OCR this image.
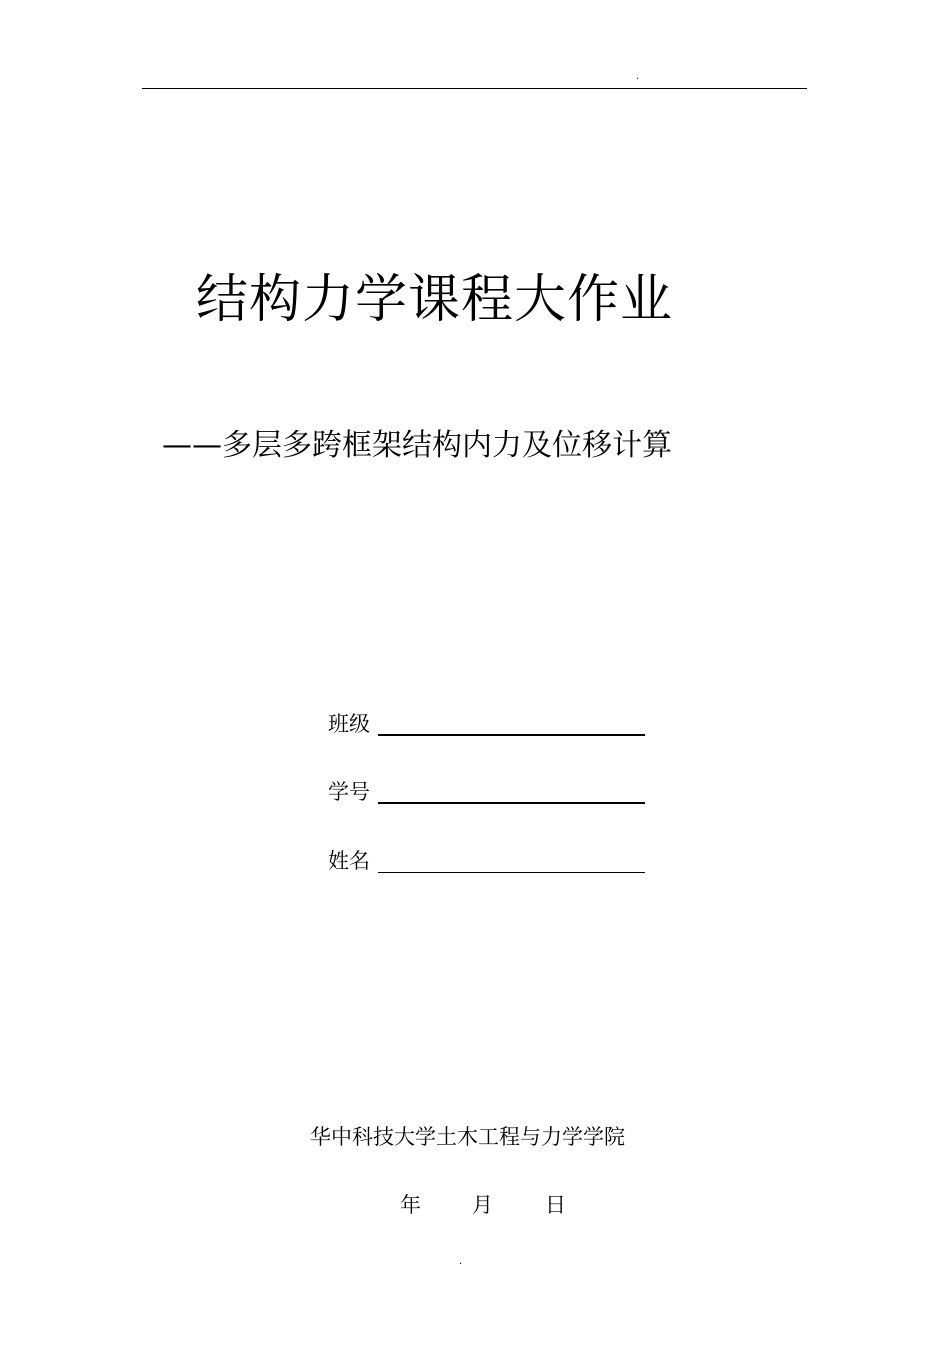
.
结构力学课程大作业
——多层多跨框架结构内力及位移计算
班级
学号
姓名
华中科技大学土木工程与力学学院
年 月 日
.
